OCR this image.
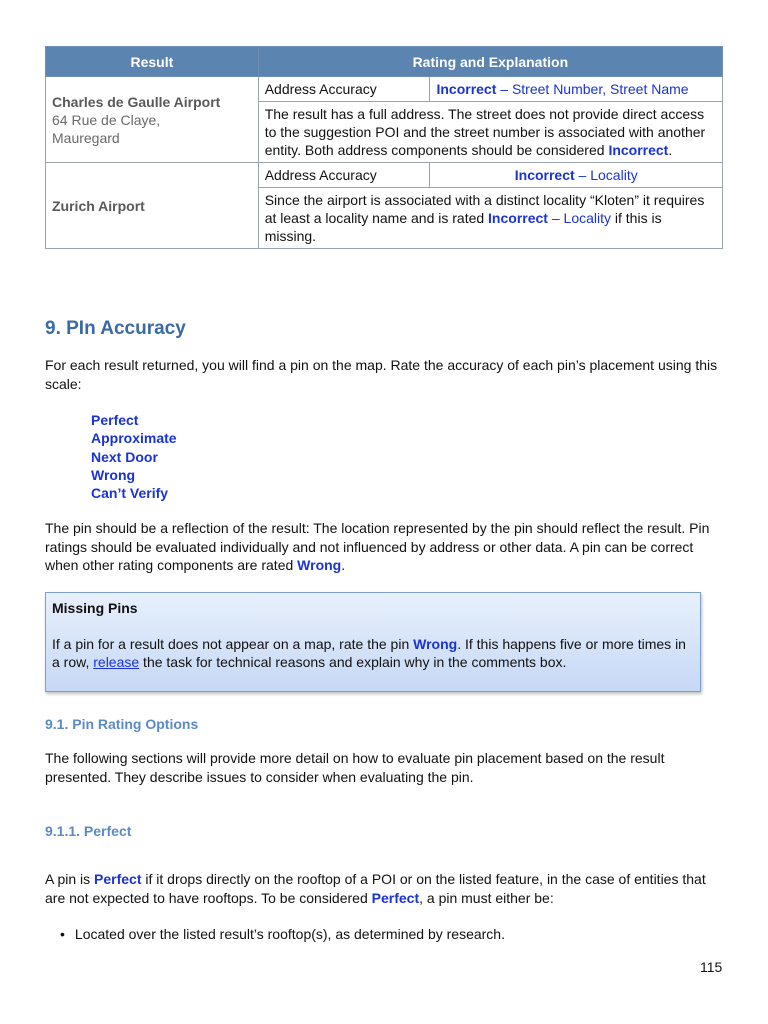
Result	Rating and Explanation	

Charles de Gaulle Airport
64 Rue de Claye,
Mauregard	Address Accuracy	Incorrect – Street Number, Street Name
	The result has a full address. The street does not provide direct access to the suggestion POI and the street number is associated with another entity. Both address components should be considered Incorrect.	

Zurich Airport	Address Accuracy	Incorrect – Locality
	Since the airport is associated with a distinct locality “Kloten” it requires at least a locality name and is rated Incorrect – Locality if this is missing.	
9. PIn Accuracy

For each result returned, you will find a pin on the map. Rate the accuracy of each pin’s placement using this scale:

Perfect
Approximate
Next Door
Wrong
Can’t Verify

The pin should be a reflection of the result: The location represented by the pin should reflect the result. Pin ratings should be evaluated individually and not influenced by address or other data. A pin can be correct when other rating components are rated Wrong.

Missing Pins
If a pin for a result does not appear on a map, rate the pin Wrong. If this happens five or more times in a row, release the task for technical reasons and explain why in the comments box.
9.1. Pin Rating Options

The following sections will provide more detail on how to evaluate pin placement based on the result presented. They describe issues to consider when evaluating the pin.

9.1.1. Perfect

A pin is Perfect if it drops directly on the rooftop of a POI or on the listed feature, in the case of entities that are not expected to have rooftops. To be considered Perfect, a pin must either be:

• Located over the listed result’s rooftop(s), as determined by research.
115
